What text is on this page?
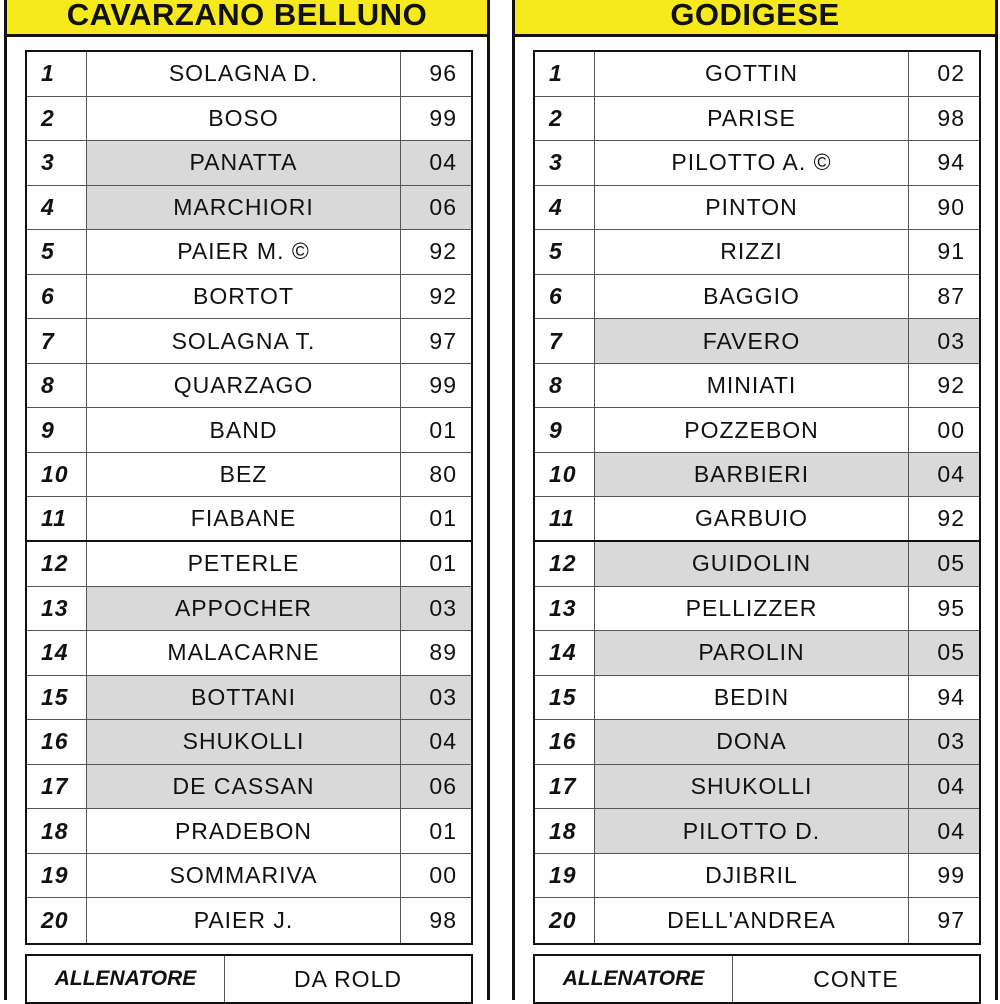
CAVARZANO BELLUNO
1	SOLAGNA D.	96
2	BOSO	99
3	PANATTA	04
4	MARCHIORI	06
5	PAIER M. ©	92
6	BORTOT	92
7	SOLAGNA T.	97
8	QUARZAGO	99
9	BAND	01
10	BEZ	80
11	FIABANE	01
12	PETERLE	01
13	APPOCHER	03
14	MALACARNE	89
15	BOTTANI	03
16	SHUKOLLI	04
17	DE CASSAN	06
18	PRADEBON	01
19	SOMMARIVA	00
20	PAIER J.	98
ALLENATORE	DA ROLD
GODIGESE
1	GOTTIN	02
2	PARISE	98
3	PILOTTO A. ©	94
4	PINTON	90
5	RIZZI	91
6	BAGGIO	87
7	FAVERO	03
8	MINIATI	92
9	POZZEBON	00
10	BARBIERI	04
11	GARBUIO	92
12	GUIDOLIN	05
13	PELLIZZER	95
14	PAROLIN	05
15	BEDIN	94
16	DONA	03
17	SHUKOLLI	04
18	PILOTTO D.	04
19	DJIBRIL	99
20	DELL'ANDREA	97
ALLENATORE	CONTE
